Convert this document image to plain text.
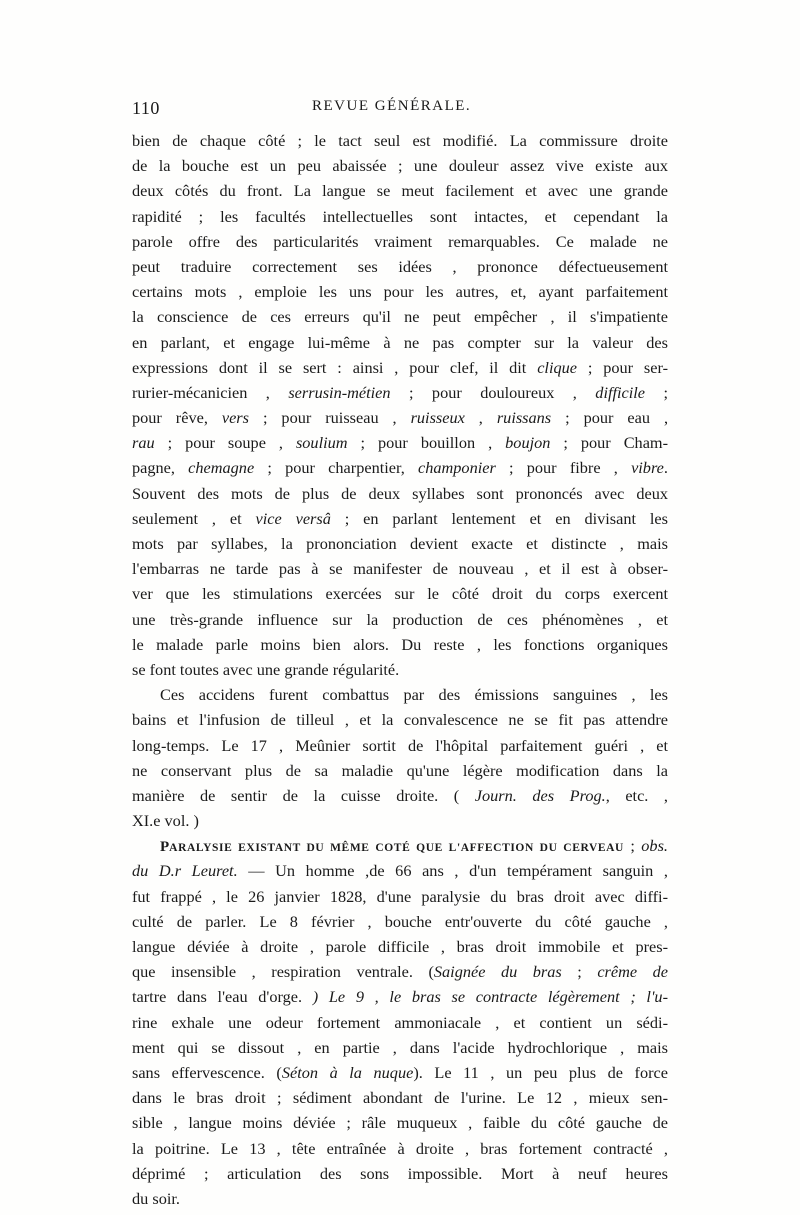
110	REVUE GÉNÉRALE.
bien de chaque côté ; le tact seul est modifié. La commissure droite
de la bouche est un peu abaissée ; une douleur assez vive existe aux
deux côtés du front. La langue se meut facilement et avec une grande
rapidité ; les facultés intellectuelles sont intactes, et cependant la
parole offre des particularités vraiment remarquables. Ce malade ne
peut traduire correctement ses idées , prononce défectueusement
certains mots , emploie les uns pour les autres, et, ayant parfaitement
la conscience de ces erreurs qu'il ne peut empêcher , il s'impatiente
en parlant, et engage lui-même à ne pas compter sur la valeur des
expressions dont il se sert : ainsi , pour clef, il dit clique ; pour ser-
rurier-mécanicien , serrusin-métien ; pour douloureux , difficile ;
pour rêve, vers ; pour ruisseau , ruisseux , ruissans ; pour eau ,
rau ; pour soupe , soulium ; pour bouillon , boujon ; pour Cham-
pagne, chemagne ; pour charpentier, champonier ; pour fibre , vibre.
Souvent des mots de plus de deux syllabes sont prononcés avec deux
seulement , et vice versâ ; en parlant lentement et en divisant les
mots par syllabes, la prononciation devient exacte et distincte , mais
l'embarras ne tarde pas à se manifester de nouveau , et il est à obser-
ver que les stimulations exercées sur le côté droit du corps exercent
une très-grande influence sur la production de ces phénomènes , et
le malade parle moins bien alors. Du reste , les fonctions organiques
se font toutes avec une grande régularité.
Ces accidens furent combattus par des émissions sanguines , les
bains et l'infusion de tilleul , et la convalescence ne se fit pas attendre
long-temps. Le 17 , Meûnier sortit de l'hôpital parfaitement guéri , et
ne conservant plus de sa maladie qu'une légère modification dans la
manière de sentir de la cuisse droite. ( Journ. des Prog., etc. ,
XI.e vol. )
PARALYSIE EXISTANT DU MÊME COTÉ QUE L'AFFECTION DU CERVEAU ; obs.
du D.r Leuret. — Un homme ,de 66 ans , d'un tempérament sanguin ,
fut frappé , le 26 janvier 1828, d'une paralysie du bras droit avec diffi-
culté de parler. Le 8 février , bouche entr'ouverte du côté gauche ,
langue déviée à droite , parole difficile , bras droit immobile et pres-
que insensible , respiration ventrale. (Saignée du bras ; crême de
tartre dans l'eau d'orge. ) Le 9 , le bras se contracte légèrement ; l'u-
rine exhale une odeur fortement ammoniacale , et contient un sédi-
ment qui se dissout , en partie , dans l'acide hydrochlorique , mais
sans effervescence. (Séton à la nuque). Le 11 , un peu plus de force
dans le bras droit ; sédiment abondant de l'urine. Le 12 , mieux sen-
sible , langue moins déviée ; râle muqueux , faible du côté gauche de
la poitrine. Le 13 , tête entraînée à droite , bras fortement contracté ,
déprimé ; articulation des sons impossible. Mort à neuf heures
du soir.
